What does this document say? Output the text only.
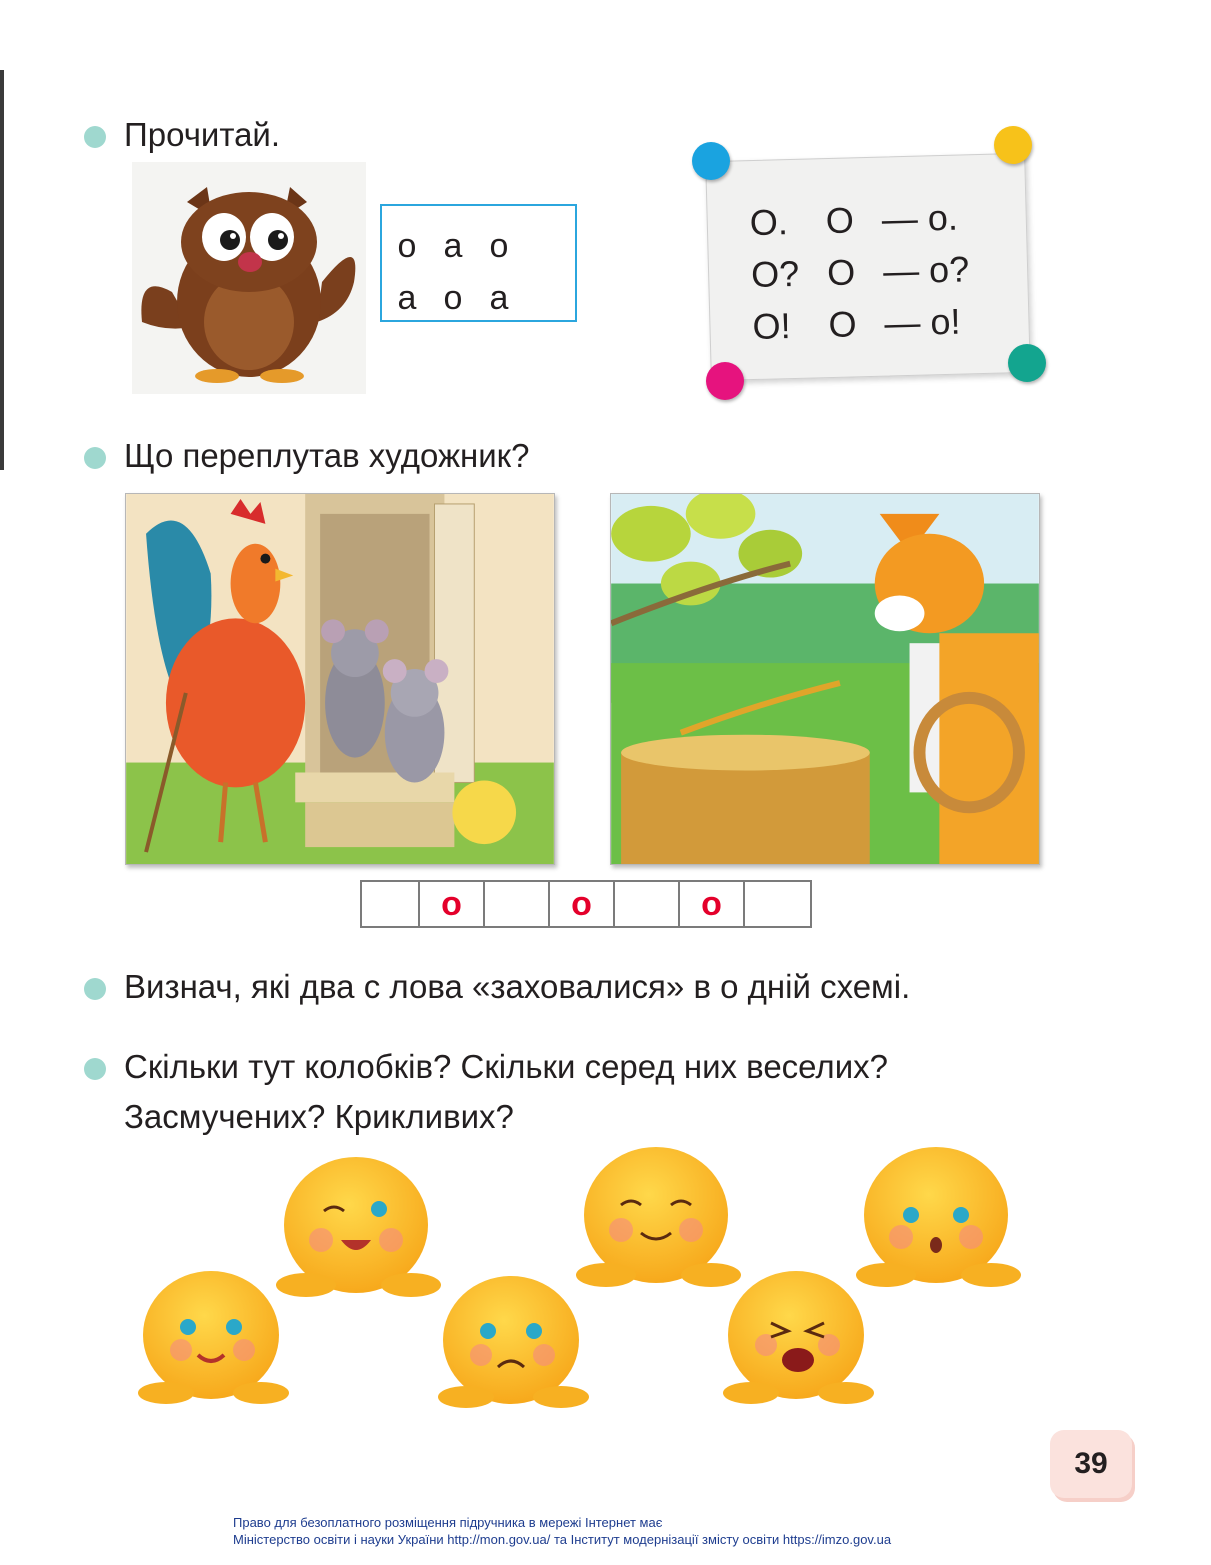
Прочитай.
о а о
а о а
О.	О — о.
О? О — о?
О!	О — о!
Що переплутав художник?
о	о	о
Визнач, які два с лова «заховалися» в о дній схемі.
Скільки тут колобків? Скільки серед них веселих?
Засмучених? Крикливих?
39
Право для безоплатного розміщення підручника в мережі Інтернет має
Міністерство освіти і науки України http://mon.gov.ua/ та Інститут модернізації змісту освіти https://imzo.gov.ua
